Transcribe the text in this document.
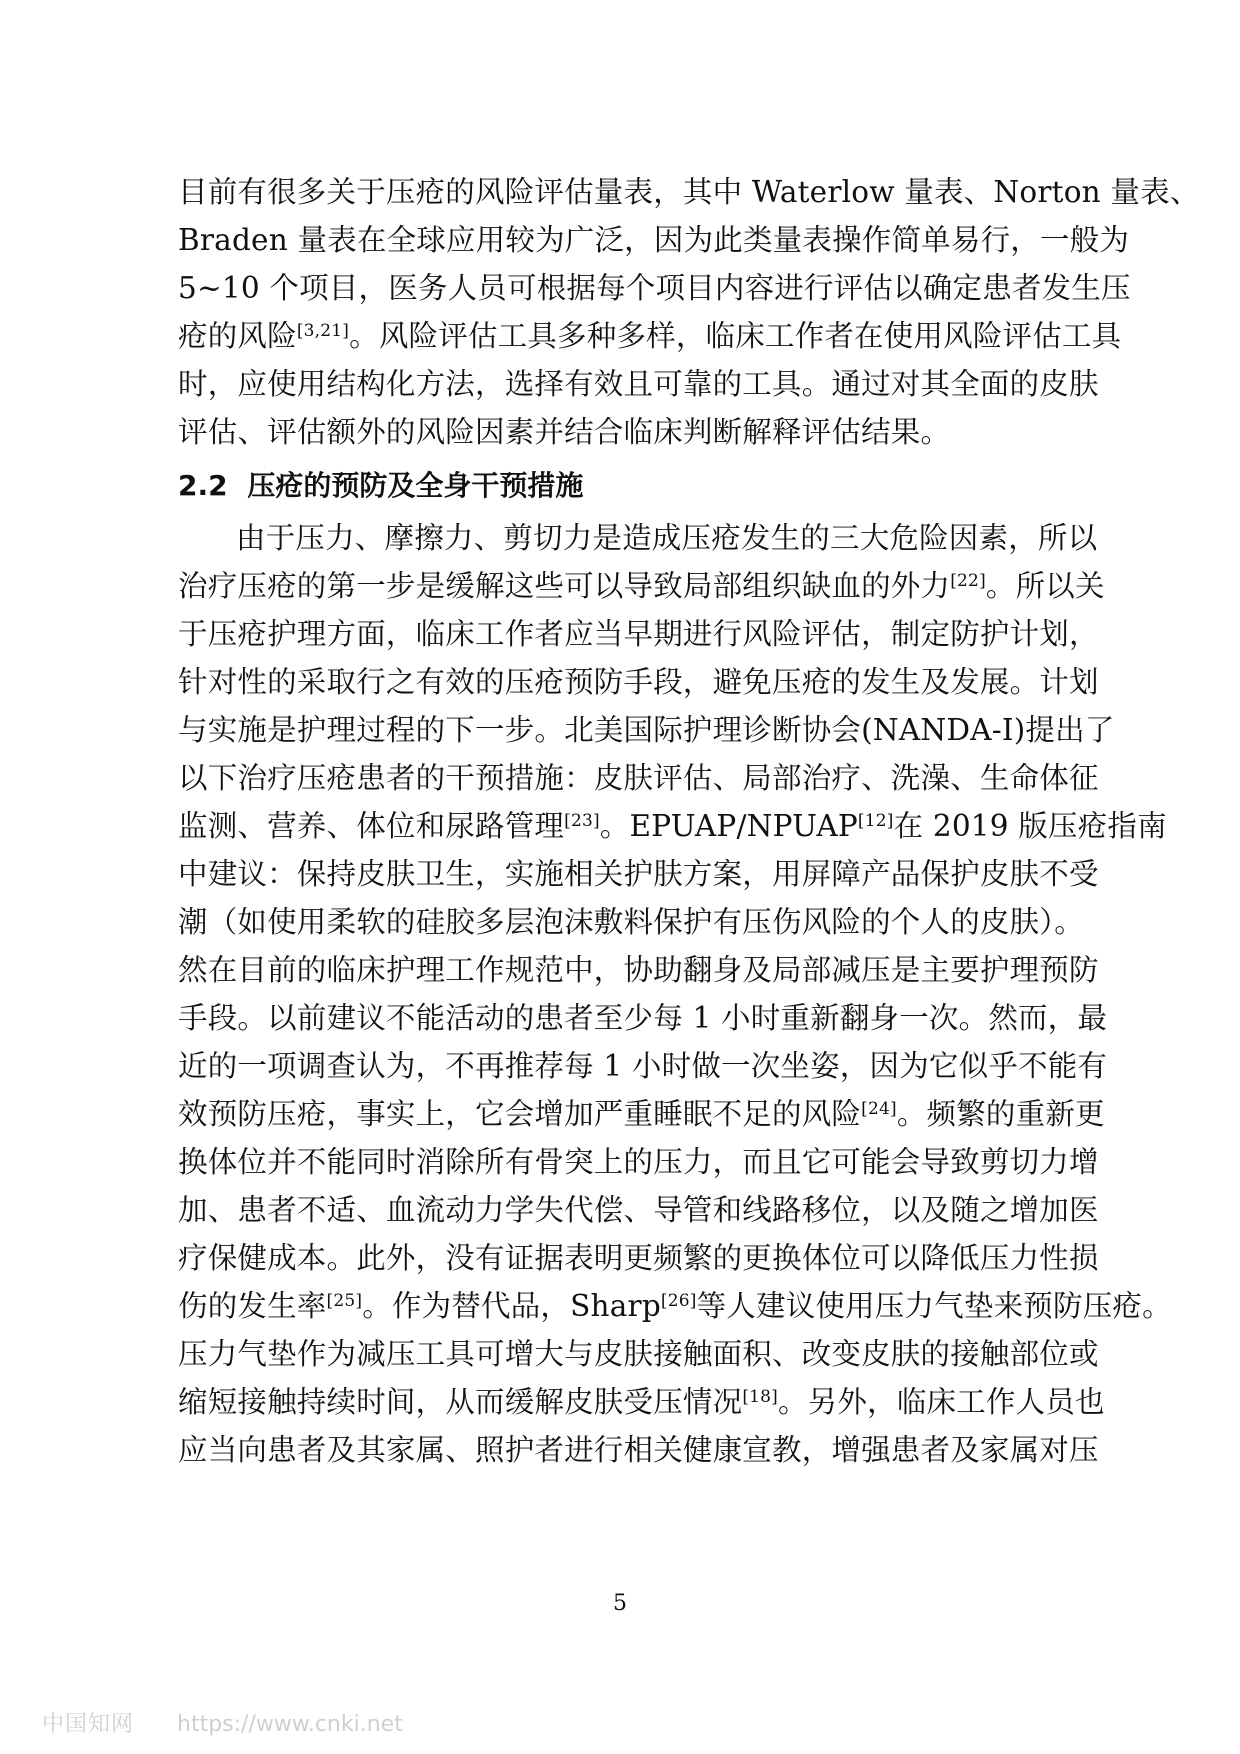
目前有很多关于压疮的风险评估量表，其中 Waterlow 量表、Norton 量表、
Braden 量表在全球应用较为广泛，因为此类量表操作简单易行，一般为
5~10 个项目，医务人员可根据每个项目内容进行评估以确定患者发生压
疮的风险[3,21]。风险评估工具多种多样，临床工作者在使用风险评估工具
时，应使用结构化方法，选择有效且可靠的工具。通过对其全面的皮肤
评估、评估额外的风险因素并结合临床判断解释评估结果。
2.2 压疮的预防及全身干预措施
由于压力、摩擦力、剪切力是造成压疮发生的三大危险因素，所以
治疗压疮的第一步是缓解这些可以导致局部组织缺血的外力[22]。所以关
于压疮护理方面，临床工作者应当早期进行风险评估，制定防护计划，
针对性的采取行之有效的压疮预防手段，避免压疮的发生及发展。计划
与实施是护理过程的下一步。北美国际护理诊断协会(NANDA-I)提出了
以下治疗压疮患者的干预措施：皮肤评估、局部治疗、洗澡、生命体征
监测、营养、体位和尿路管理[23]。EPUAP/NPUAP[12]在 2019 版压疮指南
中建议：保持皮肤卫生，实施相关护肤方案，用屏障产品保护皮肤不受
潮（如使用柔软的硅胶多层泡沫敷料保护有压伤风险的个人的皮肤）。
然在目前的临床护理工作规范中，协助翻身及局部减压是主要护理预防
手段。以前建议不能活动的患者至少每 1 小时重新翻身一次。然而，最
近的一项调查认为，不再推荐每 1 小时做一次坐姿，因为它似乎不能有
效预防压疮，事实上，它会增加严重睡眠不足的风险[24]。频繁的重新更
换体位并不能同时消除所有骨突上的压力，而且它可能会导致剪切力增
加、患者不适、血流动力学失代偿、导管和线路移位，以及随之增加医
疗保健成本。此外，没有证据表明更频繁的更换体位可以降低压力性损
伤的发生率[25]。作为替代品，Sharp[26]等人建议使用压力气垫来预防压疮。
压力气垫作为减压工具可增大与皮肤接触面积、改变皮肤的接触部位或
缩短接触持续时间，从而缓解皮肤受压情况[18]。另外，临床工作人员也
应当向患者及其家属、照护者进行相关健康宣教，增强患者及家属对压
5
中国知网 https://www.cnki.net
